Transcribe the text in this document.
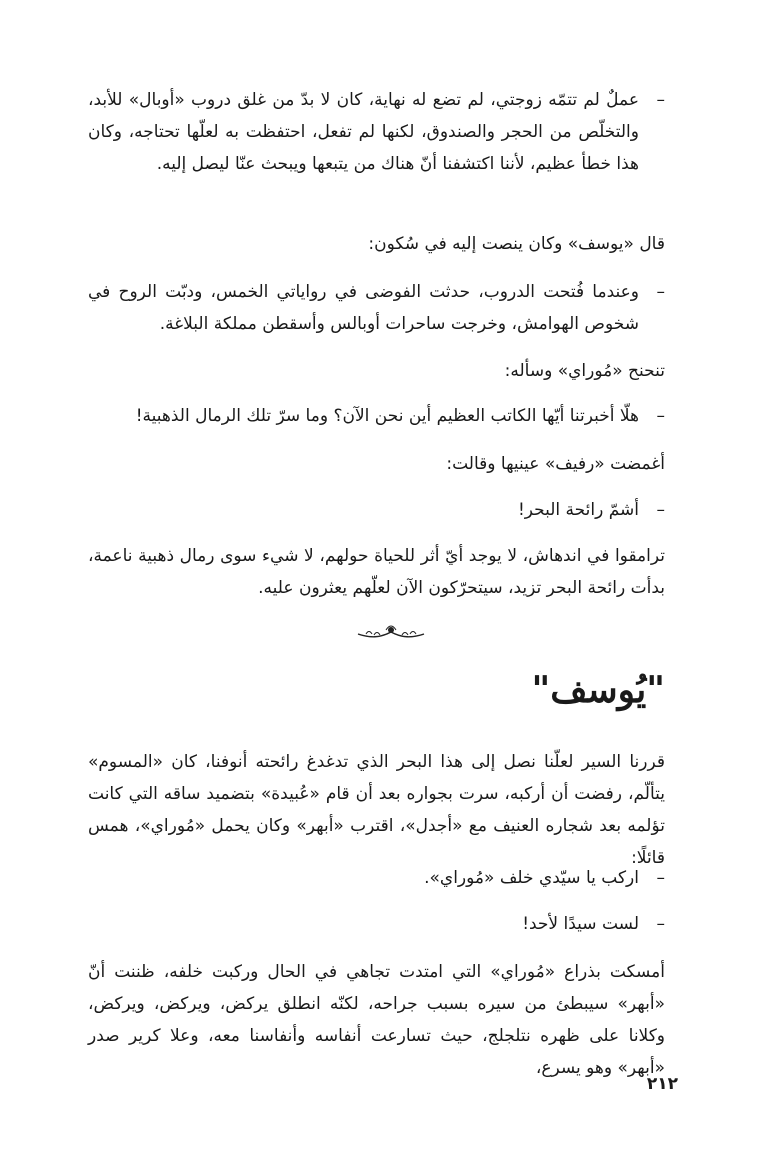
– عملٌ لم تتمّه زوجتي، لم تضع له نهاية، كان لا بدّ من غلق دروب «أوبال» للأبد، والتخلّص من الحجر والصندوق، لكنها لم تفعل، احتفظت به لعلّها تحتاجه، وكان هذا خطأ عظيم، لأننا اكتشفنا أنّ هناك من يتبعها ويبحث عنّا ليصل إليه.
قال «يوسف» وكان ينصت إليه في سُكون:
– وعندما فُتحت الدروب، حدثت الفوضى في رواياتي الخمس، ودبّت الروح في شخوص الهوامش، وخرجت ساحرات أوبالس وأسقطن مملكة البلاغة.
تنحنح «مُوراي» وسأله:
– هلّا أخبرتنا أيّها الكاتب العظيم أين نحن الآن؟ وما سرّ تلك الرمال الذهبية!
أغمضت «رفيف» عينيها وقالت:
– أشمّ رائحة البحر!
ترامقوا في اندهاش، لا يوجد أيّ أثر للحياة حولهم، لا شيء سوى رمال ذهبية ناعمة، بدأت رائحة البحر تزيد، سيتحرّكون الآن لعلّهم يعثرون عليه.
"يُوسف"
قررنا السير لعلّنا نصل إلى هذا البحر الذي تدغدغ رائحته أنوفنا، كان «المسوم» يتألّم، رفضت أن أركبه، سرت بجواره بعد أن قام «عُبيدة» بتضميد ساقه التي كانت تؤلمه بعد شجاره العنيف مع «أجدل»، اقترب «أبهر» وكان يحمل «مُوراي»، همس قائلًا:
– اركب يا سيّدي خلف «مُوراي».
– لست سيدًا لأحد!
أمسكت بذراع «مُوراي» التي امتدت تجاهي في الحال وركبت خلفه، ظننت أنّ «أبهر» سيبطئ من سيره بسبب جراحه، لكنّه انطلق يركض، ويركض، ويركض، وكلانا على ظهره نتلجلج، حيث تسارعت أنفاسه وأنفاسنا معه، وعلا كرير صدر «أبهر» وهو يسرع،
٢١٢
